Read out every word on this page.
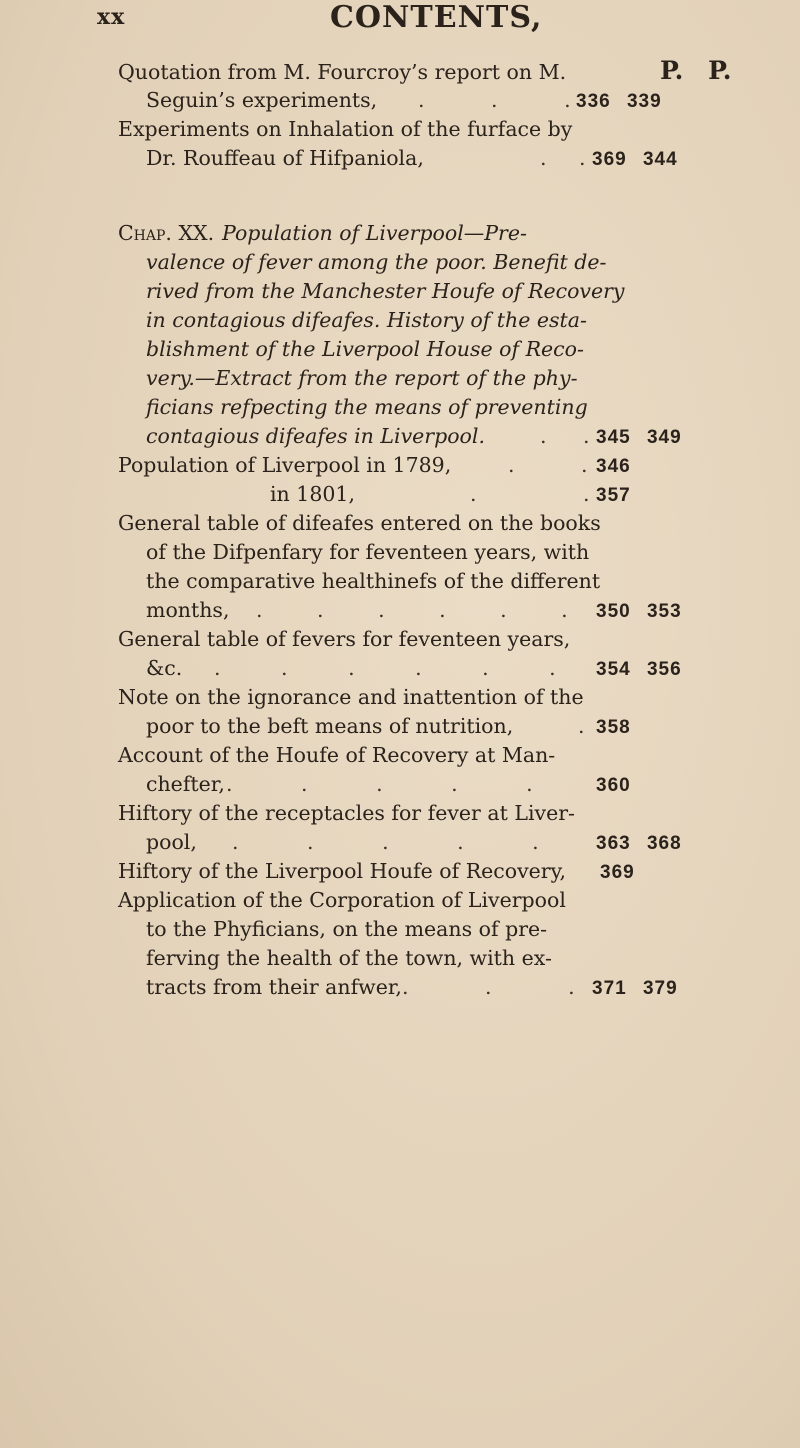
xx	CONTENTS,
P. P.
Quotation from M. Fourcroy’s report on M.
Seguin’s experiments, . . . 336 339
Experiments on Inhalation of the furface by
Dr. Rouffeau of Hifpaniola,	. . 369 344
Chap. XX. Population of Liverpool—Pre-
valence of fever among the poor. Benefit de-
rived from the Manchester Houfe of Recovery
in contagious difeafes. History of the esta-
blishment of the Liverpool House of Reco-
very.—Extract from the report of the phy-
ficians refpecting the means of preventing
contagious difeafes in Liverpool.	. . 345 349
Population of Liverpool in 1789,	. . 346
in 1801,	. . 357
General table of difeafes entered on the books
of the Difpenfary for feventeen years, with
the comparative healthinefs of the different
months, . . . . . . 350 353
General table of fevers for feventeen years,
&c. . . . . . . 354 356
Note on the ignorance and inattention of the
poor to the beft means of nutrition,	. 358
Account of the Houfe of Recovery at Man-
chefter, . . . . .	360
Hiftory of the receptacles for fever at Liver-
pool, . . . . .	363 368
Hiftory of the Liverpool Houfe of Recovery, 369
Application of the Corporation of Liverpool
to the Phyficians, on the means of pre-
ferving the health of the town, with ex-
tracts from their anfwer, . . . 371 379
